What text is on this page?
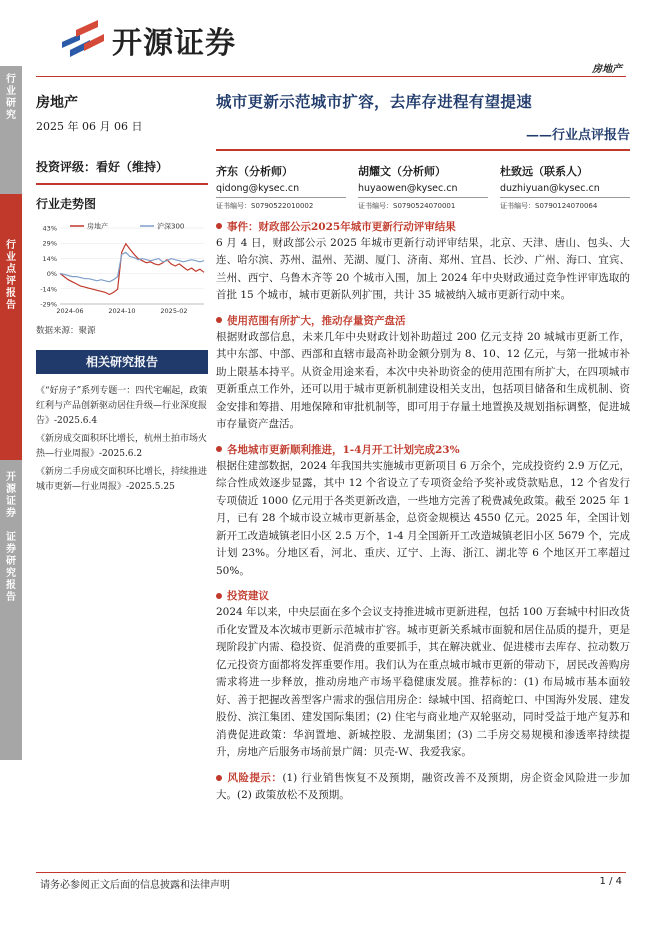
行
业
研
究
行
业
点
评
报
告
开
源
证
券

证
券
研
究
报
告
开源证券
房地产
房地产
2025 年 06 月 06 日
投资评级：看好（维持）
行业走势图
43%
29%
14%
0%
-14%
-29%
2024-06	2024-10	2025-02
房地产	沪深300
数据来源：聚源
相关研究报告

《“好房子”系列专题一：四代宅崛起，政策红利与产品创新驱动居住升级—行业深度报告》-2025.6.4

《新房成交面积环比增长，杭州土拍市场火热—行业周报》-2025.6.2

《新房二手房成交面积环比增长，持续推进城市更新—行业周报》-2025.5.25

城市更新示范城市扩容，去库存进程有望提速
——行业点评报告
齐东（分析师）
qidong@kysec.cn
证书编号：S0790522010002
胡耀文（分析师）
huyaowen@kysec.cn
证书编号：S0790524070001
杜致远（联系人）
duzhiyuan@kysec.cn
证书编号：S0790124070064
事件：财政部公示2025年城市更新行动评审结果
6 月 4 日，财政部公示 2025 年城市更新行动评审结果，北京、天津、唐山、包头、大连、哈尔滨、苏州、温州、芜湖、厦门、济南、郑州、宜昌、长沙、广州、海口、宜宾、兰州、西宁、乌鲁木齐等 20 个城市入围，加上 2024 年中央财政通过竞争性评审选取的首批 15 个城市，城市更新队列扩围，共计 35 城被纳入城市更新行动中来。
使用范围有所扩大，推动存量资产盘活
根据财政部信息，未来几年中央财政计划补助超过 200 亿元支持 20 城城市更新工作，其中东部、中部、西部和直辖市最高补助金额分别为 8、10、12 亿元，与第一批城市补助上限基本持平。从资金用途来看，本次中央补助资金的使用范围有所扩大，在四项城市更新重点工作外，还可以用于城市更新机制建设相关支出，包括项目储备和生成机制、资金安排和筹措、用地保障和审批机制等，即可用于存量土地置换及规划指标调整，促进城市存量资产盘活。
各地城市更新顺利推进，1-4月开工计划完成23%
根据住建部数据，2024 年我国共实施城市更新项目 6 万余个，完成投资约 2.9 万亿元，综合性成效逐步显露，其中 12 个省设立了专项资金给予奖补或贷款贴息，12 个省发行专项债近 1000 亿元用于各类更新改造，一些地方完善了税费减免政策。截至 2025 年 1 月，已有 28 个城市设立城市更新基金，总资金规模达 4550 亿元。2025 年，全国计划新开工改造城镇老旧小区 2.5 万个，1-4 月全国新开工改造城镇老旧小区 5679 个，完成计划 23%。分地区看，河北、重庆、辽宁、上海、浙江、湖北等 6 个地区开工率超过 50%。
投资建议
2024 年以来，中央层面在多个会议支持推进城市更新进程，包括 100 万套城中村旧改货币化安置及本次城市更新示范城市扩容。城市更新关系城市面貌和居住品质的提升，更是现阶段扩内需、稳投资、促消费的重要抓手，其在解决就业、促进楼市去库存、拉动数万亿元投资方面都将发挥重要作用。我们认为在重点城市城市更新的带动下，居民改善购房需求将进一步释放，推动房地产市场平稳健康发展。推荐标的：(1) 布局城市基本面较好、善于把握改善型客户需求的强信用房企：绿城中国、招商蛇口、中国海外发展、建发股份、滨江集团、建发国际集团；(2) 住宅与商业地产双轮驱动，同时受益于地产复苏和消费促进政策：华润置地、新城控股、龙湖集团；(3) 二手房交易规模和渗透率持续提升，房地产后服务市场前景广阔：贝壳-W、我爱我家。
风险提示：(1) 行业销售恢复不及预期，融资改善不及预期，房企资金风险进一步加大。(2) 政策放松不及预期。
请务必参阅正文后面的信息披露和法律声明	1 / 4
